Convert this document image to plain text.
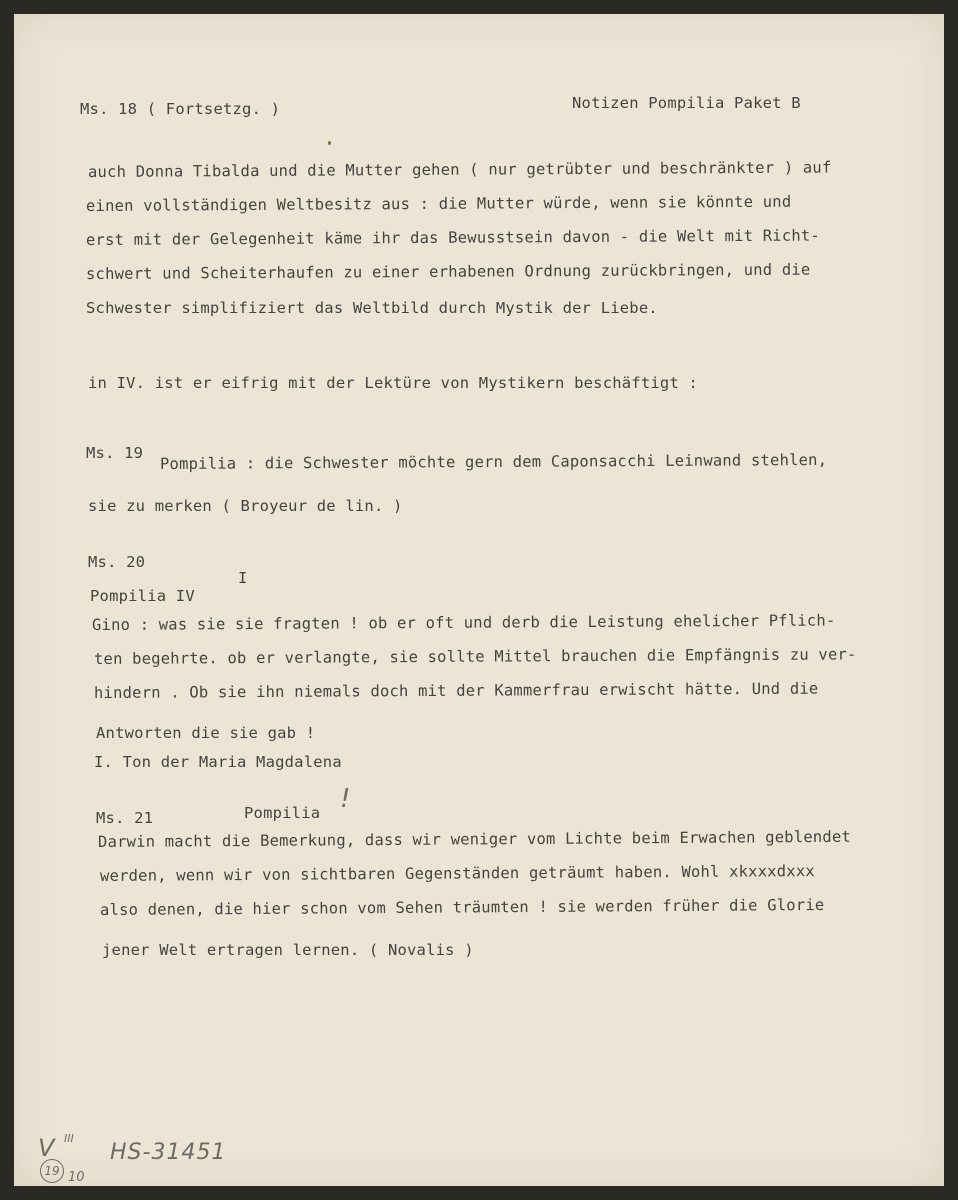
Ms. 18 ( Fortsetzg. )	Notizen Pompilia Paket B
auch Donna Tibalda und die Mutter gehen ( nur getrübter und beschränkter ) auf
einen vollständigen Weltbesitz aus : die Mutter würde, wenn sie könnte und
erst mit der Gelegenheit käme ihr das Bewusstsein davon - die Welt mit Richt-
schwert und Scheiterhaufen zu einer erhabenen Ordnung zurückbringen, und die
Schwester simplifiziert das Weltbild durch Mystik der Liebe.
in IV. ist er eifrig mit der Lektüre von Mystikern beschäftigt :
Ms. 19 Pompilia : die Schwester möchte gern dem Caponsacchi Leinwand stehlen,
sie zu merken ( Broyeur de lin. )
Ms. 20
I
Pompilia IV
Gino : was sie sie fragten ! ob er oft und derb die Leistung ehelicher Pflich-
ten begehrte. ob er verlangte, sie sollte Mittel brauchen die Empfängnis zu ver-
hindern . Ob sie ihn niemals doch mit der Kammerfrau erwischt hätte. Und die
Antworten die sie gab !
I. Ton der Maria Magdalena
Ms. 21	Pompilia !
Darwin macht die Bemerkung, dass wir weniger vom Lichte beim Erwachen geblendet
werden, wenn wir von sichtbaren Gegenständen geträumt haben. Wohl xkxxxdxxx
also denen, die hier schon vom Sehen träumten ! sie werden früher die Glorie
jener Welt ertragen lernen. ( Novalis )
V III
19 10
HS-31451
